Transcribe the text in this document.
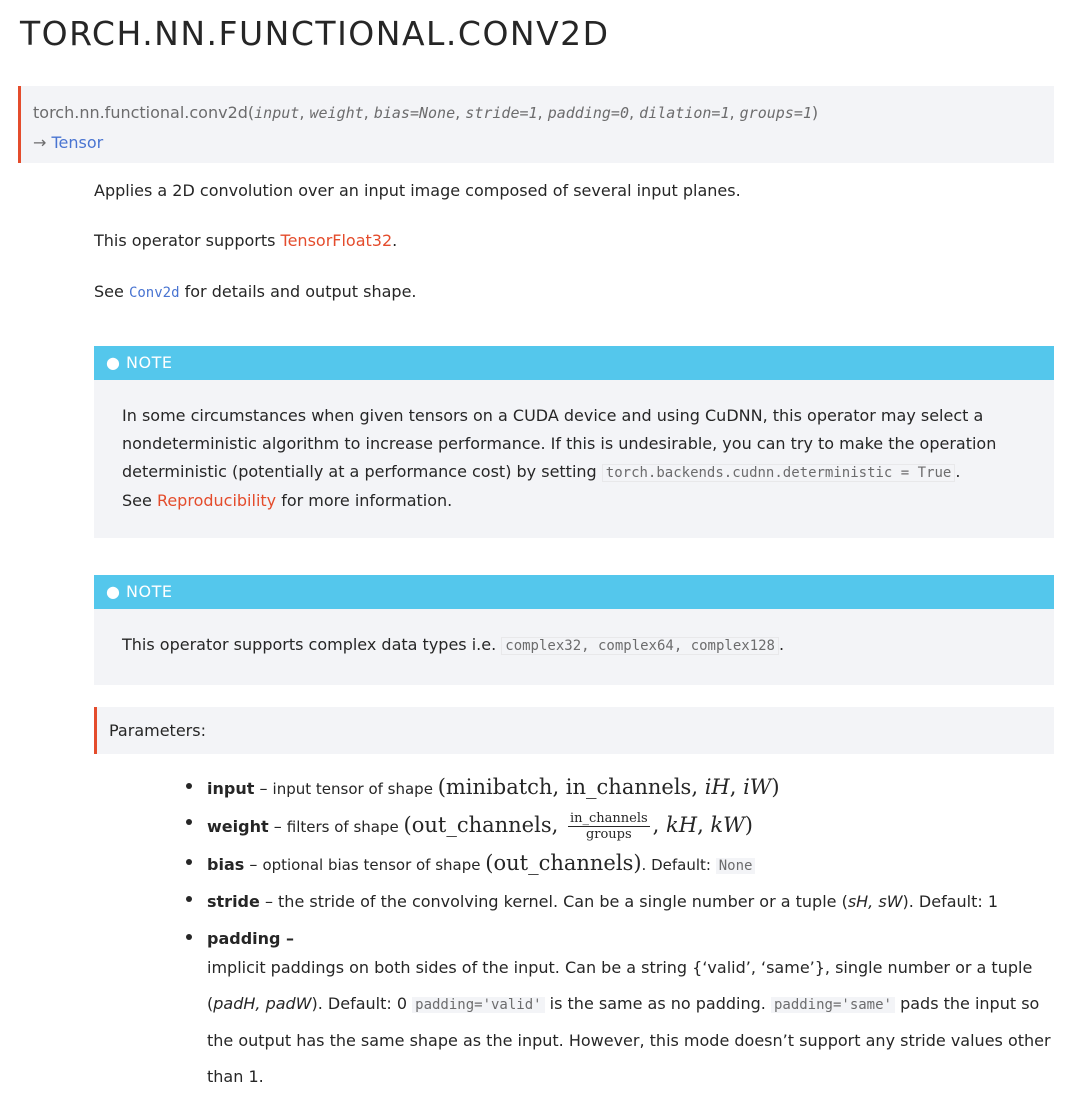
TORCH.NN.FUNCTIONAL.CONV2D
torch.nn.functional.conv2d(input, weight, bias=None, stride=1, padding=0, dilation=1, groups=1)
→ Tensor
Applies a 2D convolution over an input image composed of several input planes.
This operator supports TensorFloat32.
See Conv2d for details and output shape.
● NOTE
In some circumstances when given tensors on a CUDA device and using CuDNN, this operator may select a nondeterministic algorithm to increase performance. If this is undesirable, you can try to make the operation deterministic (potentially at a performance cost) by setting torch.backends.cudnn.deterministic = True .
See Reproducibility for more information.
● NOTE
This operator supports complex data types i.e. complex32, complex64, complex128 .
Parameters:
input – input tensor of shape (minibatch, in_channels, iH, iW)
weight – filters of shape (out_channels, $\frac{\text{in\_channels}}{\text{groups}}$ , kH, kW)
bias – optional bias tensor of shape (out_channels). Default: None
stride – the stride of the convolving kernel. Can be a single number or a tuple (sH, sW). Default: 1
padding –
implicit paddings on both sides of the input. Can be a string {‘valid’, ‘same’}, single number or a tuple (padH, padW). Default: 0 padding='valid' is the same as no padding. padding='same' pads the input so the output has the same shape as the input. However, this mode doesn’t support any stride values other than 1.
